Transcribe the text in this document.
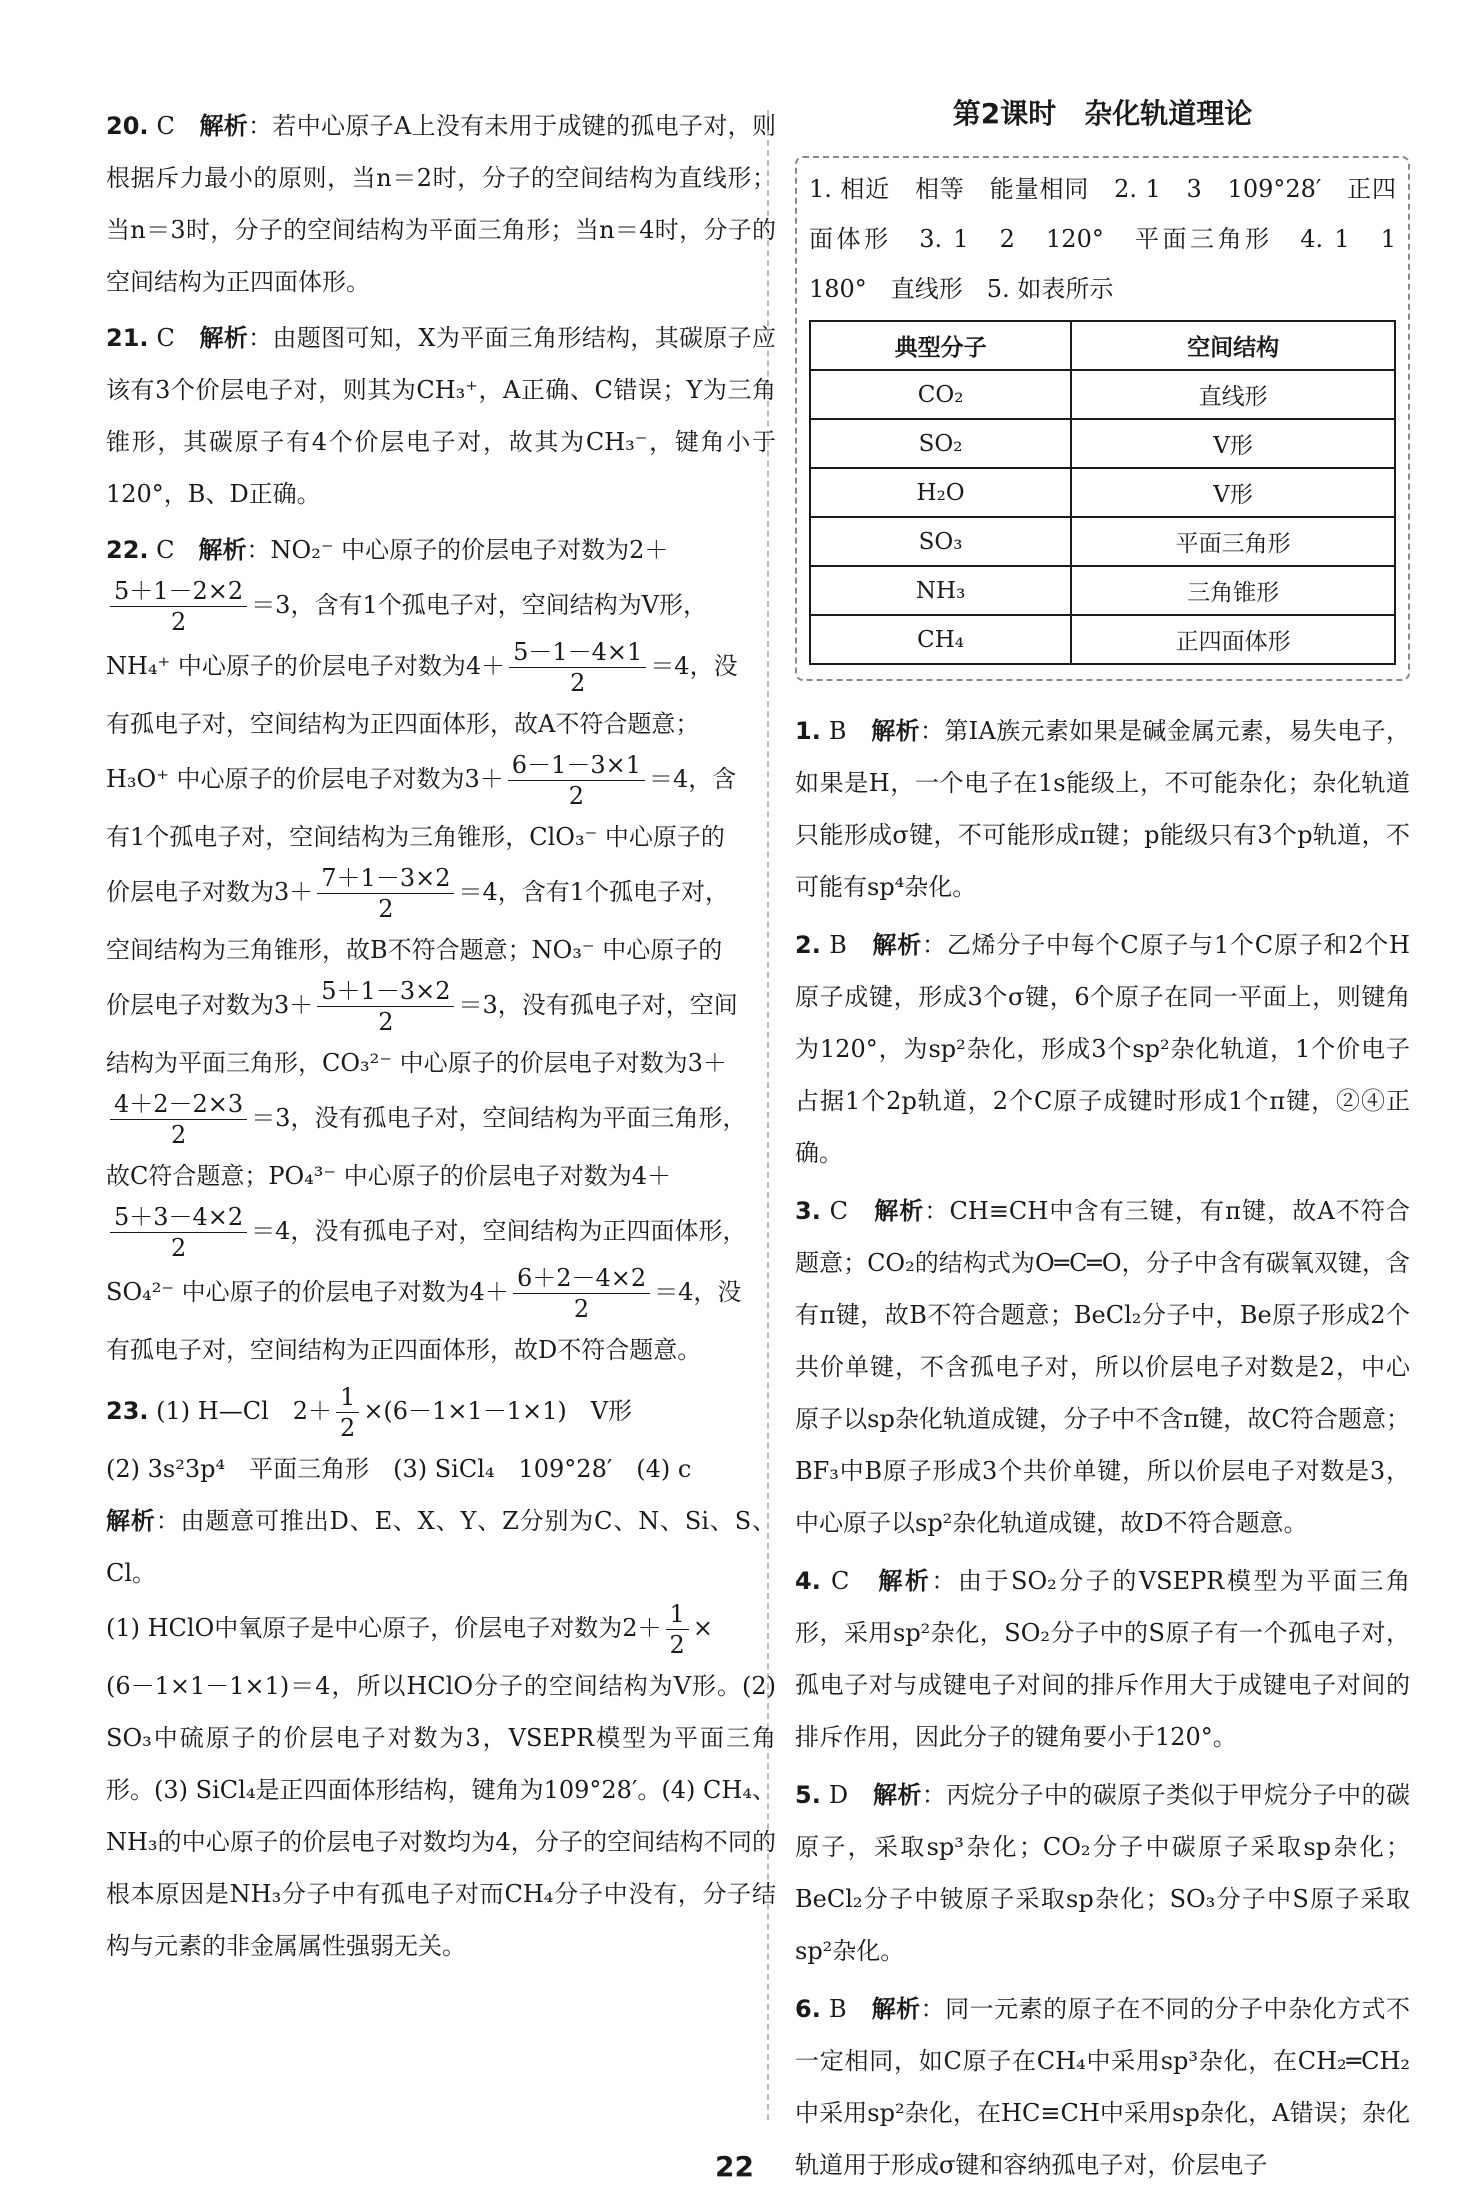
20. C　 解析：若中心原子A上没有未用于成键的孤电子对，则根据斥力最小的原则，当n＝2时，分子的空间结构为直线形；当n＝3时，分子的空间结构为平面三角形；当n＝4时，分子的空间结构为正四面体形。

21. C　 解析：由题图可知，X为平面三角形结构，其碳原子应该有3个价层电子对，则其为CH₃⁺，A正确、C错误；Y为三角锥形，其碳原子有4个价层电子对，故其为CH₃⁻，键角小于120°，B、D正确。

22. C　 解析：NO₂⁻ 中心原子的价层电子对数为2＋

$\frac{5+1-2\times 2}{2} =3$，含有1个孤电子对，空间结构为V形，

NH₄⁺ 中心原子的价层电子对数为$4+ \frac{5-1-4\times 1}{2} =4$，没

有孤电子对，空间结构为正四面体形，故A不符合题意；

H₃O⁺ 中心原子的价层电子对数为$3+ \frac{6-1-3\times 1}{2} =4$，含

有1个孤电子对，空间结构为三角锥形，ClO₃⁻ 中心原子的

价层电子对数为$3+ \frac{7+1-3\times 2}{2} =4$，含有1个孤电子对，

空间结构为三角锥形，故B不符合题意；NO₃⁻ 中心原子的

价层电子对数为$3+ \frac{5+1-3\times 2}{2} =3$，没有孤电子对，空间

结构为平面三角形，CO₃²⁻ 中心原子的价层电子对数为3＋

$\frac{4+2-2\times 3}{2} =3$，没有孤电子对，空间结构为平面三角形，

故C符合题意；PO₄³⁻ 中心原子的价层电子对数为4＋

$\frac{5+3-4\times 2}{2} =4$，没有孤电子对，空间结构为正四面体形，

SO₄²⁻ 中心原子的价层电子对数为$4+ \frac{6+2-4\times 2}{2} =4$，没

有孤电子对，空间结构为正四面体形，故D不符合题意。

23. (1) H—Cl　$2+ \frac{1}{2} \times(6-1\times 1-1\times 1)$　V形

(2) 3s²3p⁴　平面三角形　(3) SiCl₄　109°28′　(4) c

解析：由题意可推出D、E、X、Y、Z分别为C、N、Si、S、Cl。

(1) HClO中氧原子是中心原子，价层电子对数为$2+ \frac{1}{2}$ ×

(6－1×1－1×1)＝4，所以HClO分子的空间结构为V形。(2) SO₃中硫原子的价层电子对数为3，VSEPR模型为平面三角形。(3) SiCl₄是正四面体形结构，键角为109°28′。(4) CH₄、NH₃的中心原子的价层电子对数均为4，分子的空间结构不同的根本原因是NH₃分子中有孤电子对而CH₄分子中没有，分子结构与元素的非金属属性强弱无关。

第2课时　杂化轨道理论

1. 相近　相等　能量相同　2. 1　3　109°28′　正四面体形　3. 1　2　120°　平面三角形　4. 1　1　180°　直线形　5. 如表所示

典型分子	空间结构
CO₂	直线形
SO₂	V形
H₂O	V形
SO₃	平面三角形
NH₃	三角锥形
CH₄	正四面体形

1. B　 解析：第ⅠA族元素如果是碱金属元素，易失电子，如果是H，一个电子在1s能级上，不可能杂化；杂化轨道只能形成σ键，不可能形成π键；p能级只有3个p轨道，不可能有sp⁴杂化。

2. B　 解析：乙烯分子中每个C原子与1个C原子和2个H原子成键，形成3个σ键，6个原子在同一平面上，则键角为120°，为sp²杂化，形成3个sp²杂化轨道，1个价电子占据1个2p轨道，2个C原子成键时形成1个π键，②④正确。

3. C　 解析：CH≡CH中含有三键，有π键，故A不符合题意；CO₂的结构式为O═C═O，分子中含有碳氧双键，含有π键，故B不符合题意；BeCl₂分子中，Be原子形成2个共价单键，不含孤电子对，所以价层电子对数是2，中心原子以sp杂化轨道成键，分子中不含π键，故C符合题意；BF₃中B原子形成3个共价单键，所以价层电子对数是3，中心原子以sp²杂化轨道成键，故D不符合题意。

4. C　 解析：由于SO₂分子的VSEPR模型为平面三角形，采用sp²杂化，SO₂分子中的S原子有一个孤电子对，孤电子对与成键电子对间的排斥作用大于成键电子对间的排斥作用，因此分子的键角要小于120°。

5. D　 解析：丙烷分子中的碳原子类似于甲烷分子中的碳原子，采取sp³杂化；CO₂分子中碳原子采取sp杂化；BeCl₂分子中铍原子采取sp杂化；SO₃分子中S原子采取sp²杂化。

6. B　 解析：同一元素的原子在不同的分子中杂化方式不一定相同，如C原子在CH₄中采用sp³杂化，在CH₂═CH₂中采用sp²杂化，在HC≡CH中采用sp杂化，A错误；杂化轨道用于形成σ键和容纳孤电子对，价层电子

22
